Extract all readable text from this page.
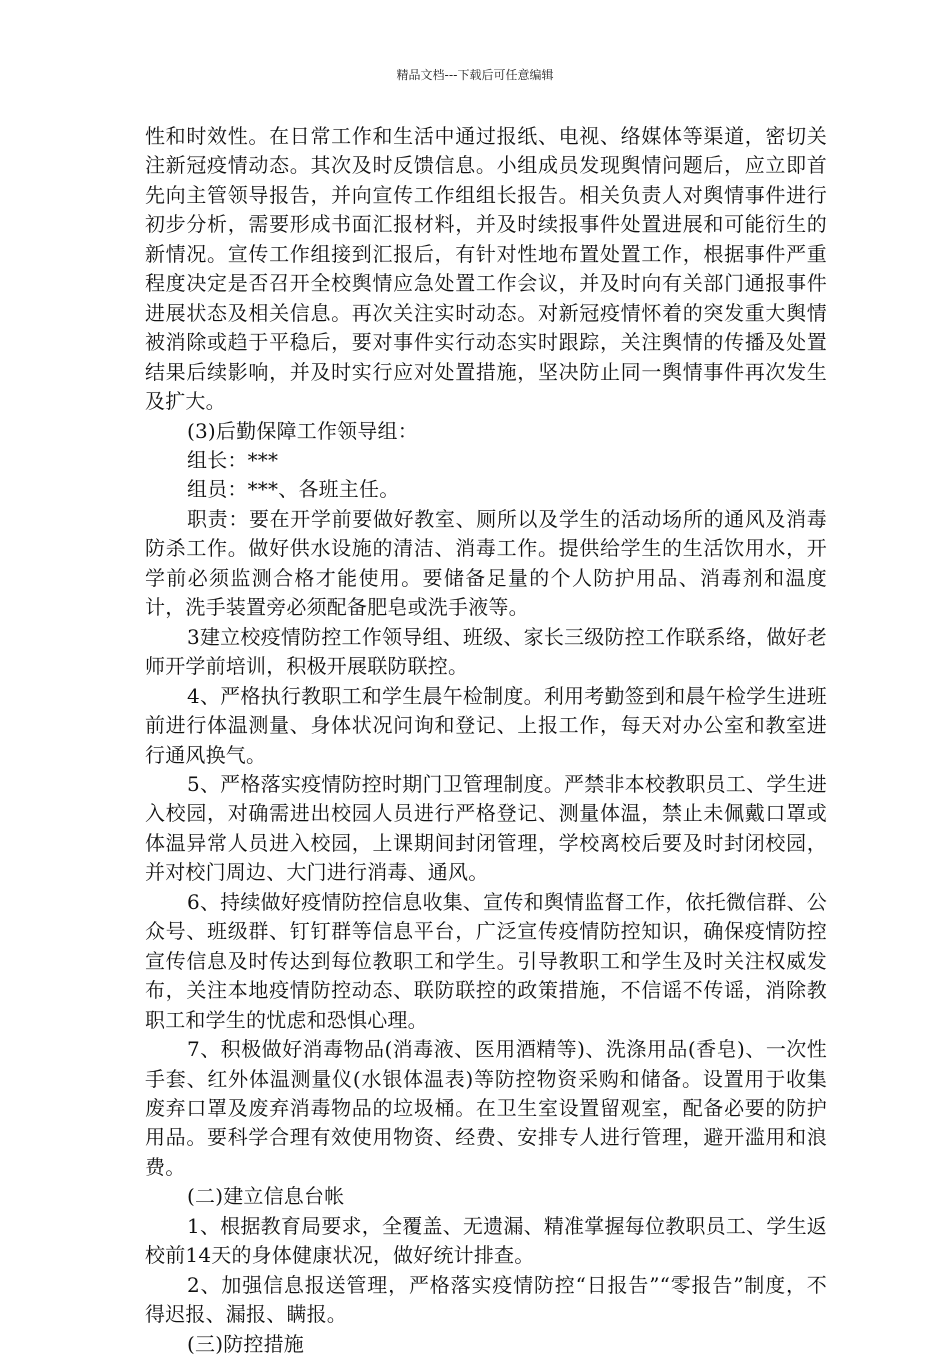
精品文档---下载后可任意编辑

性和时效性。在日常工作和生活中通过报纸、电视、络媒体等渠道，密切关注新冠疫情动态。其次及时反馈信息。小组成员发现舆情问题后，应立即首先向主管领导报告，并向宣传工作组组长报告。相关负责人对舆情事件进行初步分析，需要形成书面汇报材料，并及时续报事件处置进展和可能衍生的新情况。宣传工作组接到汇报后，有针对性地布置处置工作，根据事件严重程度决定是否召开全校舆情应急处置工作会议，并及时向有关部门通报事件进展状态及相关信息。再次关注实时动态。对新冠疫情怀着的突发重大舆情被消除或趋于平稳后，要对事件实行动态实时跟踪，关注舆情的传播及处置结果后续影响，并及时实行应对处置措施，坚决防止同一舆情事件再次发生及扩大。

(3)后勤保障工作领导组：

组长：***

组员：***、各班主任。

职责：要在开学前要做好教室、厕所以及学生的活动场所的通风及消毒防杀工作。做好供水设施的清洁、消毒工作。提供给学生的生活饮用水，开学前必须监测合格才能使用。要储备足量的个人防护用品、消毒剂和温度计，洗手装置旁必须配备肥皂或洗手液等。

3建立校疫情防控工作领导组、班级、家长三级防控工作联系络，做好老师开学前培训，积极开展联防联控。

4、严格执行教职工和学生晨午检制度。利用考勤签到和晨午检学生进班前进行体温测量、身体状况问询和登记、上报工作，每天对办公室和教室进行通风换气。

5、严格落实疫情防控时期门卫管理制度。严禁非本校教职员工、学生进入校园，对确需进出校园人员进行严格登记、测量体温，禁止未佩戴口罩或体温异常人员进入校园，上课期间封闭管理，学校离校后要及时封闭校园，并对校门周边、大门进行消毒、通风。

6、持续做好疫情防控信息收集、宣传和舆情监督工作，依托微信群、公众号、班级群、钉钉群等信息平台，广泛宣传疫情防控知识，确保疫情防控宣传信息及时传达到每位教职工和学生。引导教职工和学生及时关注权威发布，关注本地疫情防控动态、联防联控的政策措施，不信谣不传谣，消除教职工和学生的忧虑和恐惧心理。

7、积极做好消毒物品(消毒液、医用酒精等)、洗涤用品(香皂)、一次性手套、红外体温测量仪(水银体温表)等防控物资采购和储备。设置用于收集废弃口罩及废弃消毒物品的垃圾桶。在卫生室设置留观室，配备必要的防护用品。要科学合理有效使用物资、经费、安排专人进行管理，避开滥用和浪费。

(二)建立信息台帐

1、根据教育局要求，全覆盖、无遗漏、精准掌握每位教职员工、学生返校前14天的身体健康状况，做好统计排查。

2、加强信息报送管理，严格落实疫情防控“日报告”“零报告”制度，不得迟报、漏报、瞒报。

(三)防控措施
